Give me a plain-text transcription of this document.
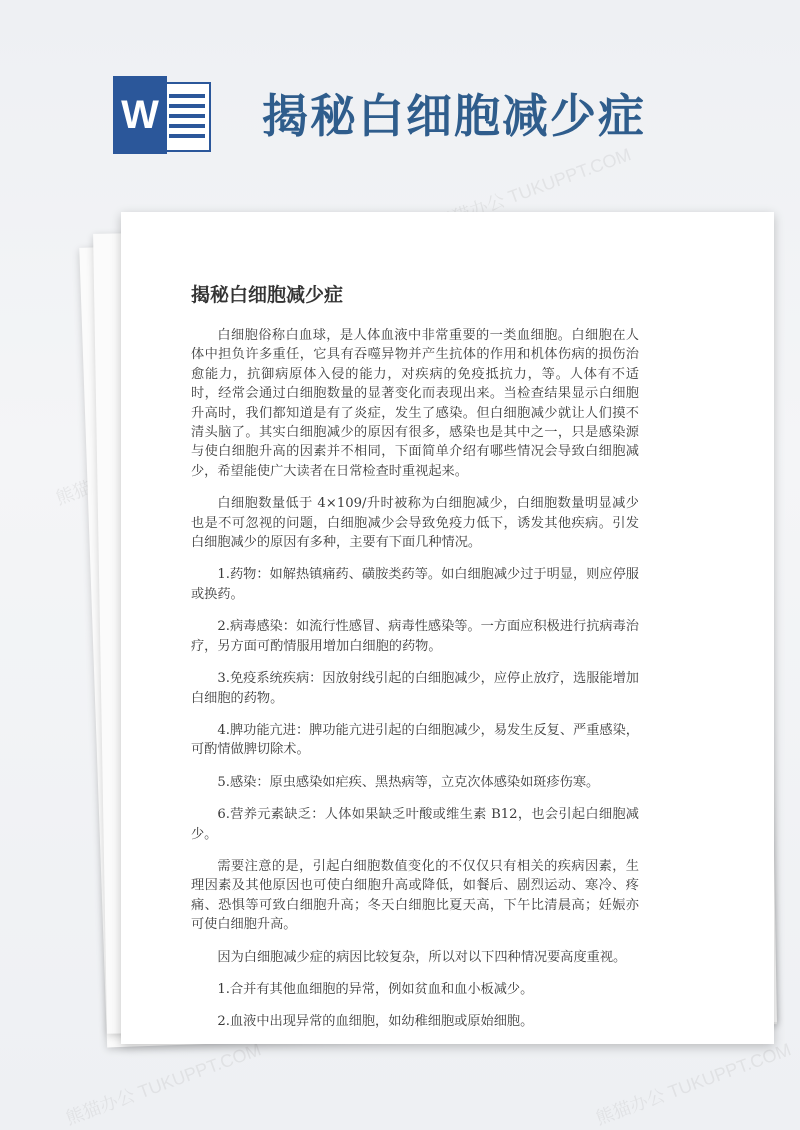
W 揭秘白细胞减少症
揭秘白细胞减少症

白细胞俗称白血球，是人体血液中非常重要的一类血细胞。白细胞在人体中担负许多重任，它具有吞噬异物并产生抗体的作用和机体伤病的损伤治愈能力，抗御病原体入侵的能力，对疾病的免疫抵抗力，等。人体有不适时，经常会通过白细胞数量的显著变化而表现出来。当检查结果显示白细胞升高时，我们都知道是有了炎症，发生了感染。但白细胞减少就让人们摸不清头脑了。其实白细胞减少的原因有很多，感染也是其中之一，只是感染源与使白细胞升高的因素并不相同，下面简单介绍有哪些情况会导致白细胞减少，希望能使广大读者在日常检查时重视起来。

白细胞数量低于 4×109/升时被称为白细胞减少，白细胞数量明显减少也是不可忽视的问题，白细胞减少会导致免疫力低下，诱发其他疾病。引发白细胞减少的原因有多种，主要有下面几种情况。

1.药物：如解热镇痛药、磺胺类药等。如白细胞减少过于明显，则应停服或换药。

2.病毒感染：如流行性感冒、病毒性感染等。一方面应积极进行抗病毒治疗，另方面可酌情服用增加白细胞的药物。

3.免疫系统疾病：因放射线引起的白细胞减少，应停止放疗，选服能增加白细胞的药物。

4.脾功能亢进：脾功能亢进引起的白细胞减少，易发生反复、严重感染，可酌情做脾切除术。

5.感染：原虫感染如疟疾、黑热病等，立克次体感染如斑疹伤寒。

6.营养元素缺乏：人体如果缺乏叶酸或维生素 B12，也会引起白细胞减少。

需要注意的是，引起白细胞数值变化的不仅仅只有相关的疾病因素，生理因素及其他原因也可使白细胞升高或降低，如餐后、剧烈运动、寒冷、疼痛、恐惧等可致白细胞升高；冬天白细胞比夏天高，下午比清晨高；妊娠亦可使白细胞升高。

因为白细胞减少症的病因比较复杂，所以对以下四种情况要高度重视。

1.合并有其他血细胞的异常，例如贫血和血小板减少。

2.血液中出现异常的血细胞，如幼稚细胞或原始细胞。
